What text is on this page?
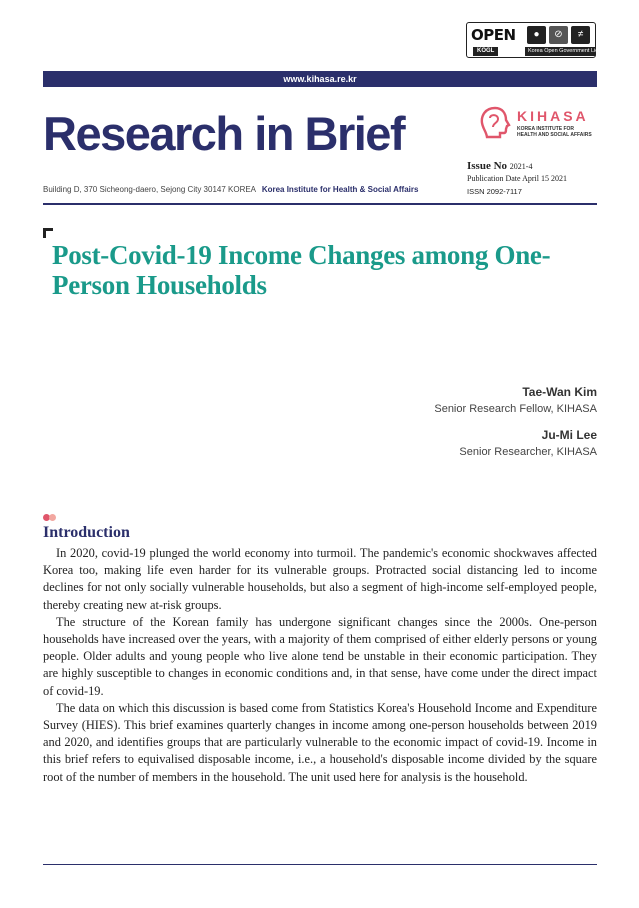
OPEN
KOGL
●	⊘	≠
Korea Open Government License
www.kihasa.re.kr
Research in Brief	KIHASA
KOREA INSTITUTE FOR
HEALTH AND SOCIAL AFFAIRS
Issue No 2021-4
Publication Date April 15 2021
ISSN 2092-7117
Building D, 370 Sicheong-daero, Sejong City 30147 KOREA Korea Institute for Health & Social Affairs
Post-Covid-19 Income Changes among One-Person Households
Tae-Wan Kim
Senior Research Fellow, KIHASA
Ju-Mi Lee
Senior Researcher, KIHASA
Introduction

In 2020, covid-19 plunged the world economy into turmoil. The pandemic's economic shockwaves affected Korea too, making life even harder for its vulnerable groups. Protracted social distancing led to income declines for not only socially vulnerable households, but also a segment of high-income self-employed people, thereby creating new at-risk groups.

The structure of the Korean family has undergone significant changes since the 2000s. One-person households have increased over the years, with a majority of them comprised of either elderly persons or young people. Older adults and young people who live alone tend be unstable in their economic participation. They are highly susceptible to changes in economic conditions and, in that sense, have come under the direct impact of covid-19.

The data on which this discussion is based come from Statistics Korea's Household Income and Expenditure Survey (HIES). This brief examines quarterly changes in income among one-person households between 2019 and 2020, and identifies groups that are particularly vulnerable to the economic impact of covid-19. Income in this brief refers to equivalised disposable income, i.e., a household's disposable income divided by the square root of the number of members in the household. The unit used here for analysis is the household.
